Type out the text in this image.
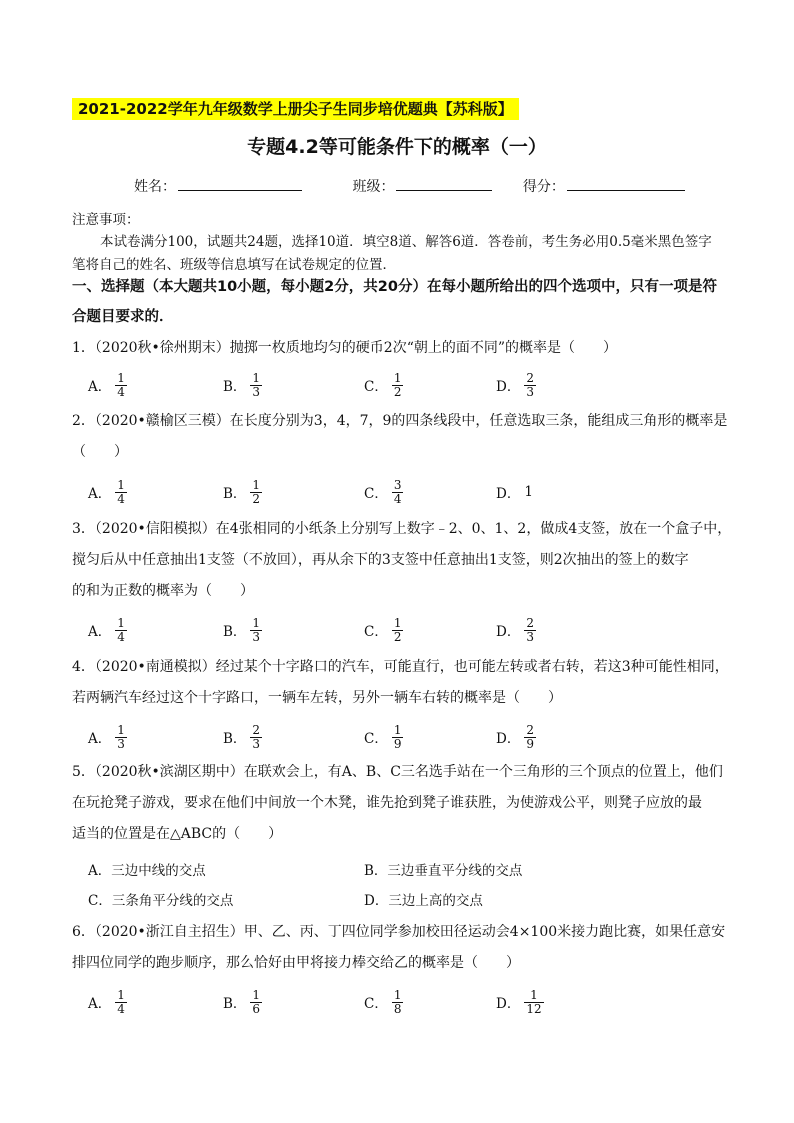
2021-2022学年九年级数学上册尖子生同步培优题典【苏科版】
专题4.2等可能条件下的概率（一）
姓名：	班级：	得分：
注意事项：
本试卷满分100，试题共24题，选择10道．填空8道、解答6道．答卷前，考生务必用0.5毫米黑色签字笔将自己的姓名、班级等信息填写在试卷规定的位置．
一、选择题（本大题共10小题，每小题2分，共20分）在每小题所给出的四个选项中，只有一项是符合题目要求的．
1．（2020秋•徐州期末）抛掷一枚质地均匀的硬币2次“朝上的面不同”的概率是（　　）
A． $\frac{1}{4}$	B． $\frac{1}{3}$	C． $\frac{1}{2}$	D． $\frac{2}{3}$
2．（2020•赣榆区三模）在长度分别为3，4，7，9的四条线段中，任意选取三条，能组成三角形的概率是
（　　）
A． $\frac{1}{4}$	B． $\frac{1}{2}$	C． $\frac{3}{4}$	D． 1
3．（2020•信阳模拟）在4张相同的小纸条上分别写上数字﹣2、0、1、2，做成4支签，放在一个盒子中，
搅匀后从中任意抽出1支签（不放回），再从余下的3支签中任意抽出1支签，则2次抽出的签上的数字
的和为正数的概率为（　　）
A． $\frac{1}{4}$	B． $\frac{1}{3}$	C． $\frac{1}{2}$	D． $\frac{2}{3}$
4．（2020•南通模拟）经过某个十字路口的汽车，可能直行，也可能左转或者右转，若这3种可能性相同，
若两辆汽车经过这个十字路口，一辆车左转，另外一辆车右转的概率是（　　）
A． $\frac{1}{3}$	B． $\frac{2}{3}$	C． $\frac{1}{9}$	D． $\frac{2}{9}$
5．（2020秋•滨湖区期中）在联欢会上，有A、B、C三名选手站在一个三角形的三个顶点的位置上，他们
在玩抢凳子游戏，要求在他们中间放一个木凳，谁先抢到凳子谁获胜，为使游戏公平，则凳子应放的最
适当的位置是在△ABC的（　　）
A．三边中线的交点	B．三边垂直平分线的交点
C．三条角平分线的交点	D．三边上高的交点
6．（2020•浙江自主招生）甲、乙、丙、丁四位同学参加校田径运动会4×100米接力跑比赛，如果任意安
排四位同学的跑步顺序，那么恰好由甲将接力棒交给乙的概率是（　　）
A． $\frac{1}{4}$	B． $\frac{1}{6}$	C． $\frac{1}{8}$	D． $\frac{1}{12}$
